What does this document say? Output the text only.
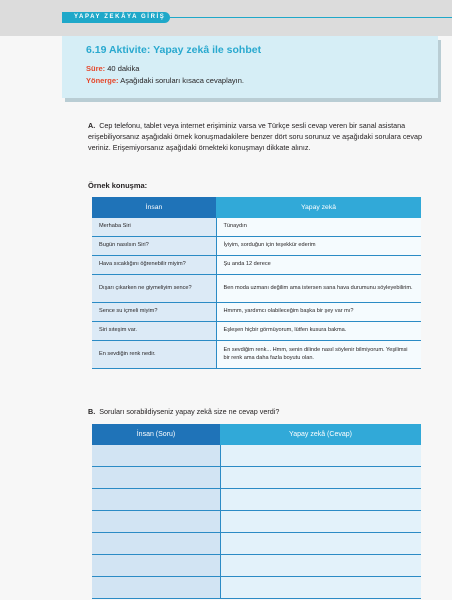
YAPAY ZEKÂYA GİRİŞ
6.19 Aktivite: Yapay zekâ ile sohbet
Süre: 40 dakika
Yönerge: Aşağıdaki soruları kısaca cevaplayın.
A. Cep telefonu, tablet veya internet erişiminiz varsa ve Türkçe sesli cevap veren bir sanal asistana erişebiliyorsanız aşağıdaki örnek konuşmadakilere benzer dört soru sorunuz ve aşağıdaki sorulara cevap veriniz. Erişemiyorsanız aşağıdaki örnekteki konuşmayı dikkate alınız.
Örnek konuşma:
İnsan	Yapay zekâ
Merhaba Siri	Tünaydın
Bugün nasılsın Siri?	İyiyim, sorduğun için teşekkür ederim
Hava sıcaklığını öğrenebilir miyim?	Şu anda 12 derece
Dışarı çıkarken ne giymeliyim sence?	Ben moda uzmanı değilim ama istersen sana hava durumunu söyleyebilirim.
Sence su içmeli miyim?	Hmmm, yardımcı olabileceğim başka bir şey var mı?
Siri sıteşim var.	Eşleşen hiçbir görmüyorum, lütfen kusura bakma.
En sevdiğin renk nedir.	En sevdiğim renk... Hmm, senin dilinde nasıl söylenir bilmiyorum. Yeşilimsi bir renk ama daha fazla boyutu olan.
B. Soruları sorabildiyseniz yapay zekâ size ne cevap verdi?
İnsan (Soru)	Yapay zekâ (Cevap)
